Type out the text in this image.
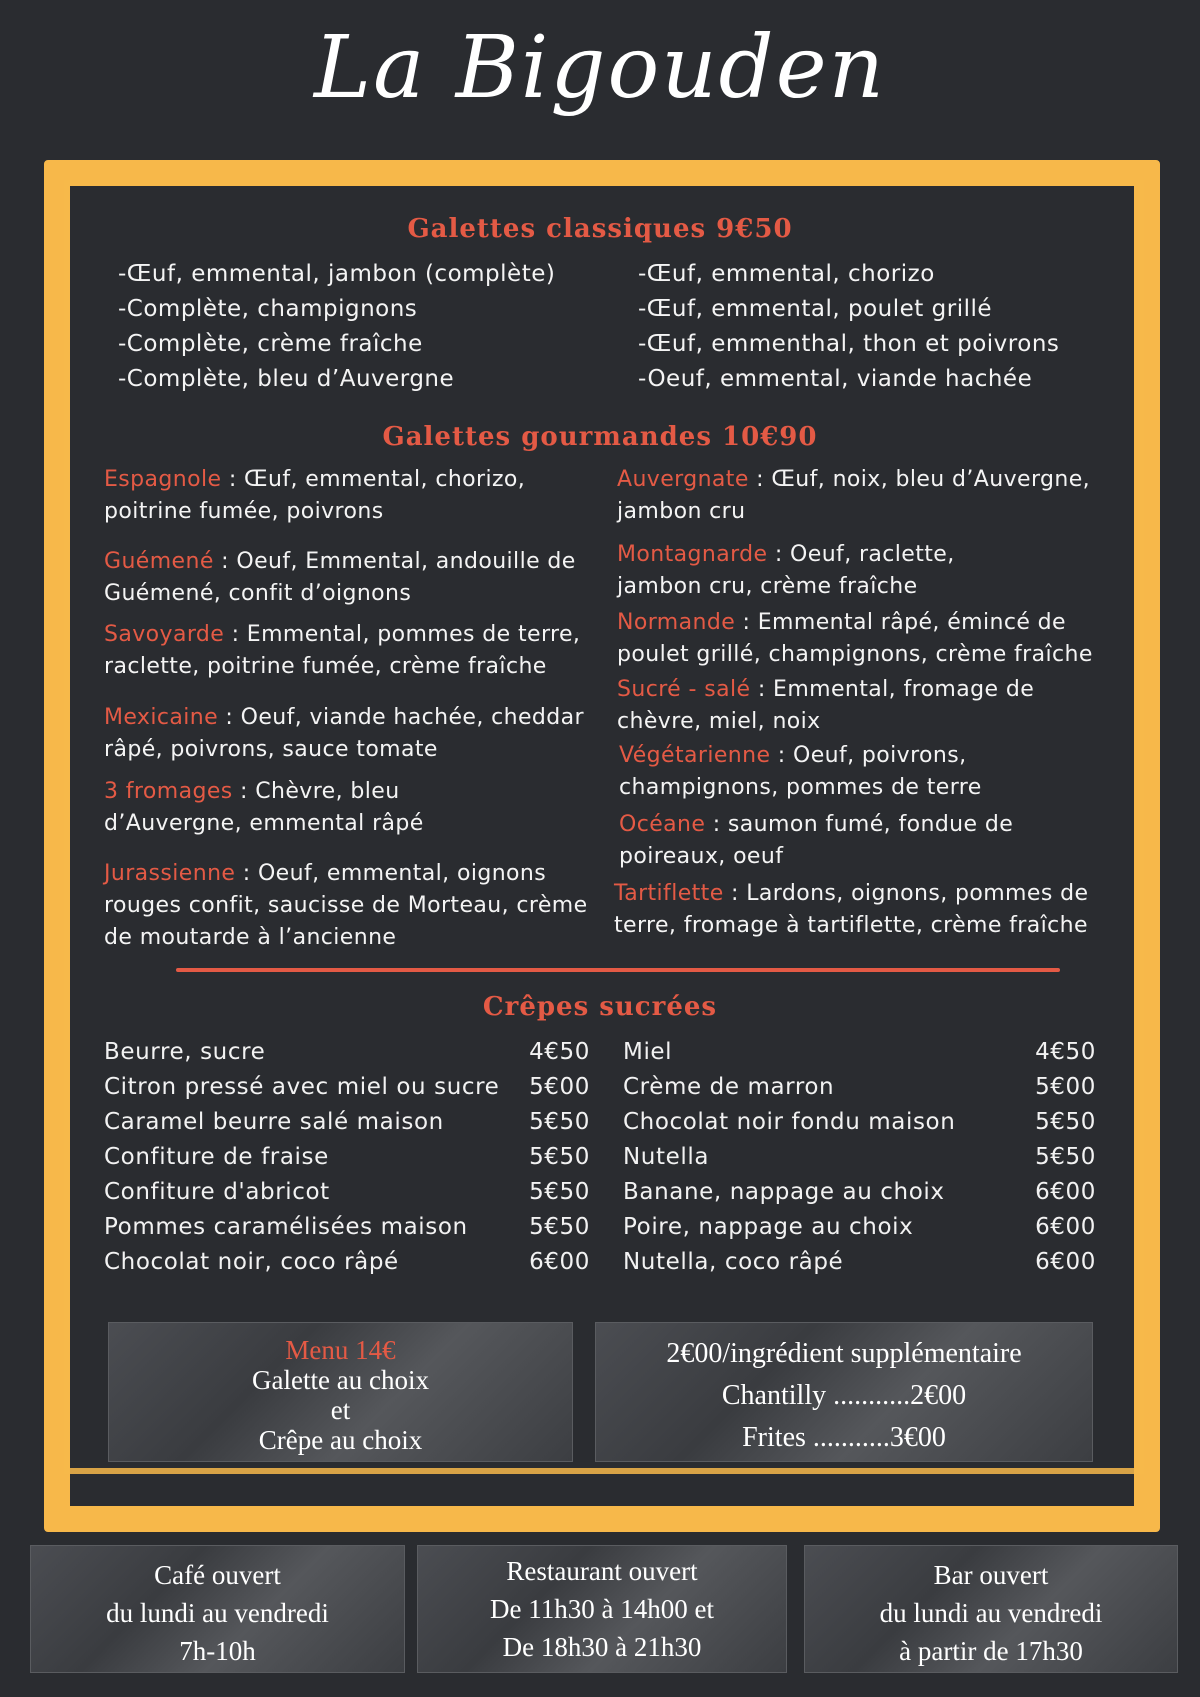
La Bigouden
Galettes classiques 9€50
-Œuf, emmental, jambon (complète)
-Complète, champignons
-Complète, crème fraîche
-Complète, bleu d’Auvergne
-Œuf, emmental, chorizo
-Œuf, emmental, poulet grillé
-Œuf, emmenthal, thon et poivrons
-Oeuf, emmental, viande hachée
Galettes gourmandes 10€90
Espagnole : Œuf, emmental, chorizo, poitrine fumée, poivrons
Guémené : Oeuf, Emmental, andouille de Guémené, confit d’oignons
Savoyarde : Emmental, pommes de terre, raclette, poitrine fumée, crème fraîche
Mexicaine : Oeuf, viande hachée, cheddar râpé, poivrons, sauce tomate
3 fromages : Chèvre, bleu d’Auvergne, emmental râpé
Jurassienne : Oeuf, emmental, oignons rouges confit, saucisse de Morteau, crème de moutarde à l’ancienne
Auvergnate : Œuf, noix, bleu d’Auvergne, jambon cru
Montagnarde : Oeuf, raclette, jambon cru, crème fraîche
Normande : Emmental râpé, émincé de poulet grillé, champignons, crème fraîche
Sucré - salé : Emmental, fromage de chèvre, miel, noix
Végétarienne : Oeuf, poivrons, champignons, pommes de terre
Océane : saumon fumé, fondue de poireaux, oeuf
Tartiflette : Lardons, oignons, pommes de terre, fromage à tartiflette, crème fraîche
Crêpes sucrées
Beurre, sucre	4€50
Citron pressé avec miel ou sucre 5€00
Caramel beurre salé maison	5€50
Confiture de fraise	5€50
Confiture d'abricot	5€50
Pommes caramélisées maison	5€50
Chocolat noir, coco râpé	6€00
Miel	4€50
Crème de marron	5€00
Chocolat noir fondu maison	5€50
Nutella	5€50
Banane, nappage au choix	6€00
Poire, nappage au choix	6€00
Nutella, coco râpé	6€00
Menu 14€
Galette au choix
et
Crêpe au choix
2€00/ingrédient supplémentaire
Chantilly ...........2€00
Frites ...........3€00
Café ouvert
du lundi au vendredi
7h-10h
Restaurant ouvert
De 11h30 à 14h00 et
De 18h30 à 21h30
Bar ouvert
du lundi au vendredi
à partir de 17h30
